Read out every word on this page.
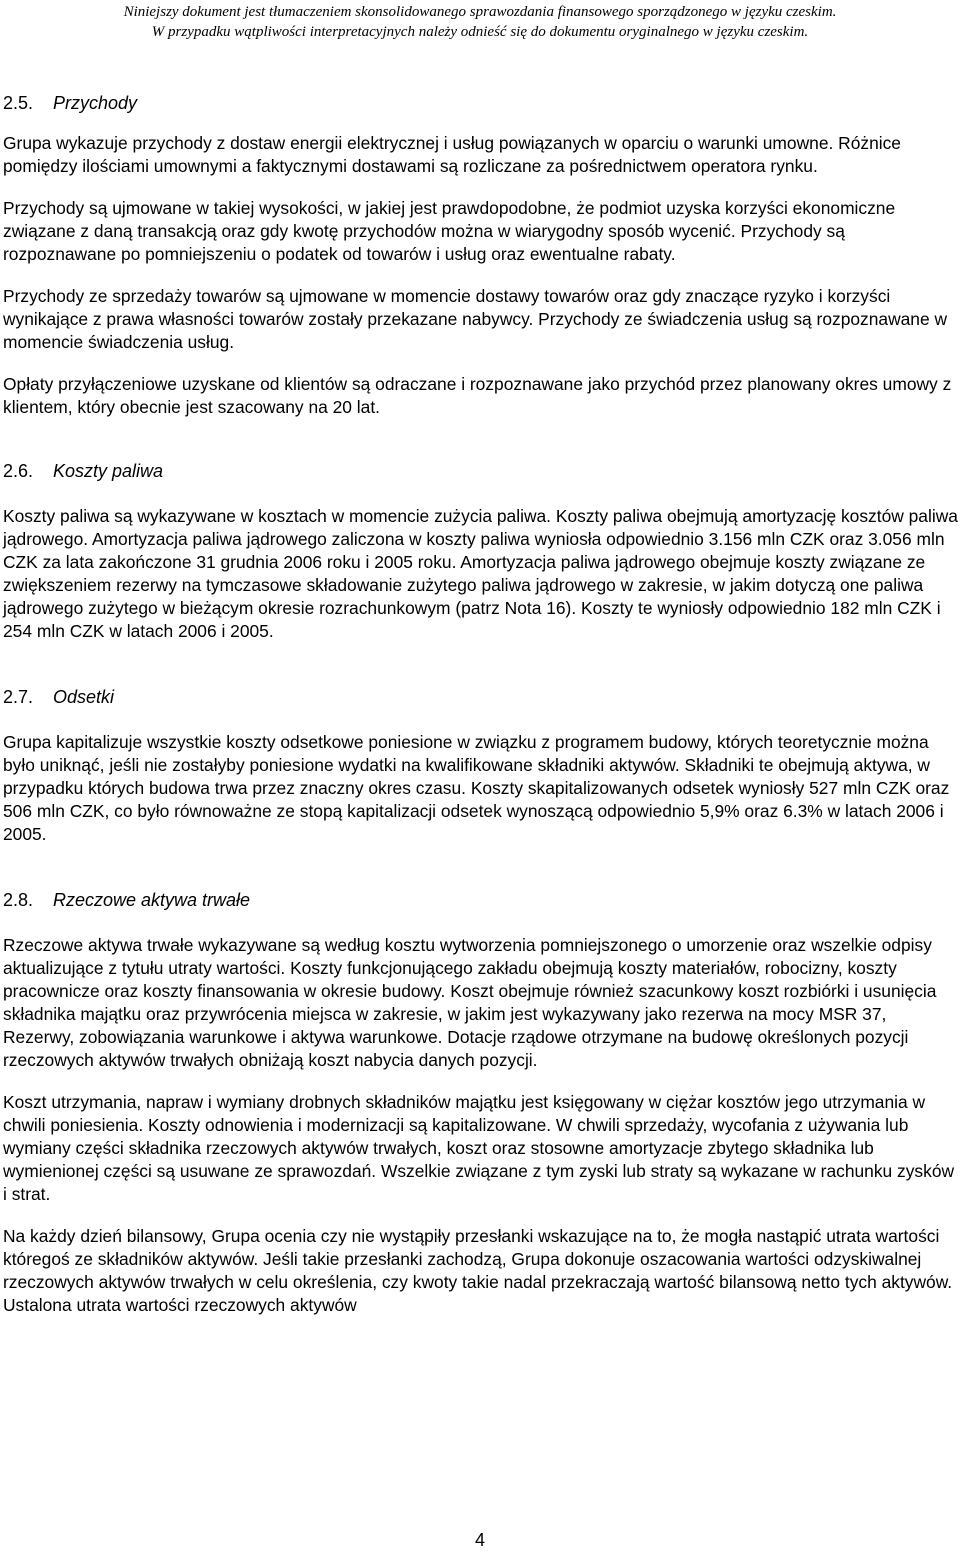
Niniejszy dokument jest tłumaczeniem skonsolidowanego sprawozdania finansowego sporządzonego w języku czeskim.
W przypadku wątpliwości interpretacyjnych należy odnieść się do dokumentu oryginalnego w języku czeskim.
2.5. Przychody

Grupa wykazuje przychody z dostaw energii elektrycznej i usług powiązanych w oparciu o warunki umowne. Różnice pomiędzy ilościami umownymi a faktycznymi dostawami są rozliczane za pośrednictwem operatora rynku.

Przychody są ujmowane w takiej wysokości, w jakiej jest prawdopodobne, że podmiot uzyska korzyści ekonomiczne związane z daną transakcją oraz gdy kwotę przychodów można w wiarygodny sposób wycenić. Przychody są rozpoznawane po pomniejszeniu o podatek od towarów i usług oraz ewentualne rabaty.

Przychody ze sprzedaży towarów są ujmowane w momencie dostawy towarów oraz gdy znaczące ryzyko i korzyści wynikające z prawa własności towarów zostały przekazane nabywcy. Przychody ze świadczenia usług są rozpoznawane w momencie świadczenia usług.

Opłaty przyłączeniowe uzyskane od klientów są odraczane i rozpoznawane jako przychód przez planowany okres umowy z klientem, który obecnie jest szacowany na 20 lat.

2.6. Koszty paliwa

Koszty paliwa są wykazywane w kosztach w momencie zużycia paliwa. Koszty paliwa obejmują amortyzację kosztów paliwa jądrowego. Amortyzacja paliwa jądrowego zaliczona w koszty paliwa wyniosła odpowiednio 3.156 mln CZK oraz 3.056 mln CZK za lata zakończone 31 grudnia 2006 roku i 2005 roku. Amortyzacja paliwa jądrowego obejmuje koszty związane ze zwiększeniem rezerwy na tymczasowe składowanie zużytego paliwa jądrowego w zakresie, w jakim dotyczą one paliwa jądrowego zużytego w bieżącym okresie rozrachunkowym (patrz Nota 16). Koszty te wyniosły odpowiednio 182 mln CZK i 254 mln CZK w latach 2006 i 2005.

2.7. Odsetki

Grupa kapitalizuje wszystkie koszty odsetkowe poniesione w związku z programem budowy, których teoretycznie można było uniknąć, jeśli nie zostałyby poniesione wydatki na kwalifikowane składniki aktywów. Składniki te obejmują aktywa, w przypadku których budowa trwa przez znaczny okres czasu. Koszty skapitalizowanych odsetek wyniosły 527 mln CZK oraz 506 mln CZK, co było równoważne ze stopą kapitalizacji odsetek wynoszącą odpowiednio 5,9% oraz 6.3% w latach 2006 i 2005.

2.8. Rzeczowe aktywa trwałe

Rzeczowe aktywa trwałe wykazywane są według kosztu wytworzenia pomniejszonego o umorzenie oraz wszelkie odpisy aktualizujące z tytułu utraty wartości. Koszty funkcjonującego zakładu obejmują koszty materiałów, robocizny, koszty pracownicze oraz koszty finansowania w okresie budowy. Koszt obejmuje również szacunkowy koszt rozbiórki i usunięcia składnika majątku oraz przywrócenia miejsca w zakresie, w jakim jest wykazywany jako rezerwa na mocy MSR 37, Rezerwy, zobowiązania warunkowe i aktywa warunkowe. Dotacje rządowe otrzymane na budowę określonych pozycji rzeczowych aktywów trwałych obniżają koszt nabycia danych pozycji.

Koszt utrzymania, napraw i wymiany drobnych składników majątku jest księgowany w ciężar kosztów jego utrzymania w chwili poniesienia. Koszty odnowienia i modernizacji są kapitalizowane. W chwili sprzedaży, wycofania z używania lub wymiany części składnika rzeczowych aktywów trwałych, koszt oraz stosowne amortyzacje zbytego składnika lub wymienionej części są usuwane ze sprawozdań. Wszelkie związane z tym zyski lub straty są wykazane w rachunku zysków i strat.

Na każdy dzień bilansowy, Grupa ocenia czy nie wystąpiły przesłanki wskazujące na to, że mogła nastąpić utrata wartości któregoś ze składników aktywów. Jeśli takie przesłanki zachodzą, Grupa dokonuje oszacowania wartości odzyskiwalnej rzeczowych aktywów trwałych w celu określenia, czy kwoty takie nadal przekraczają wartość bilansową netto tych aktywów. Ustalona utrata wartości rzeczowych aktywów

4
